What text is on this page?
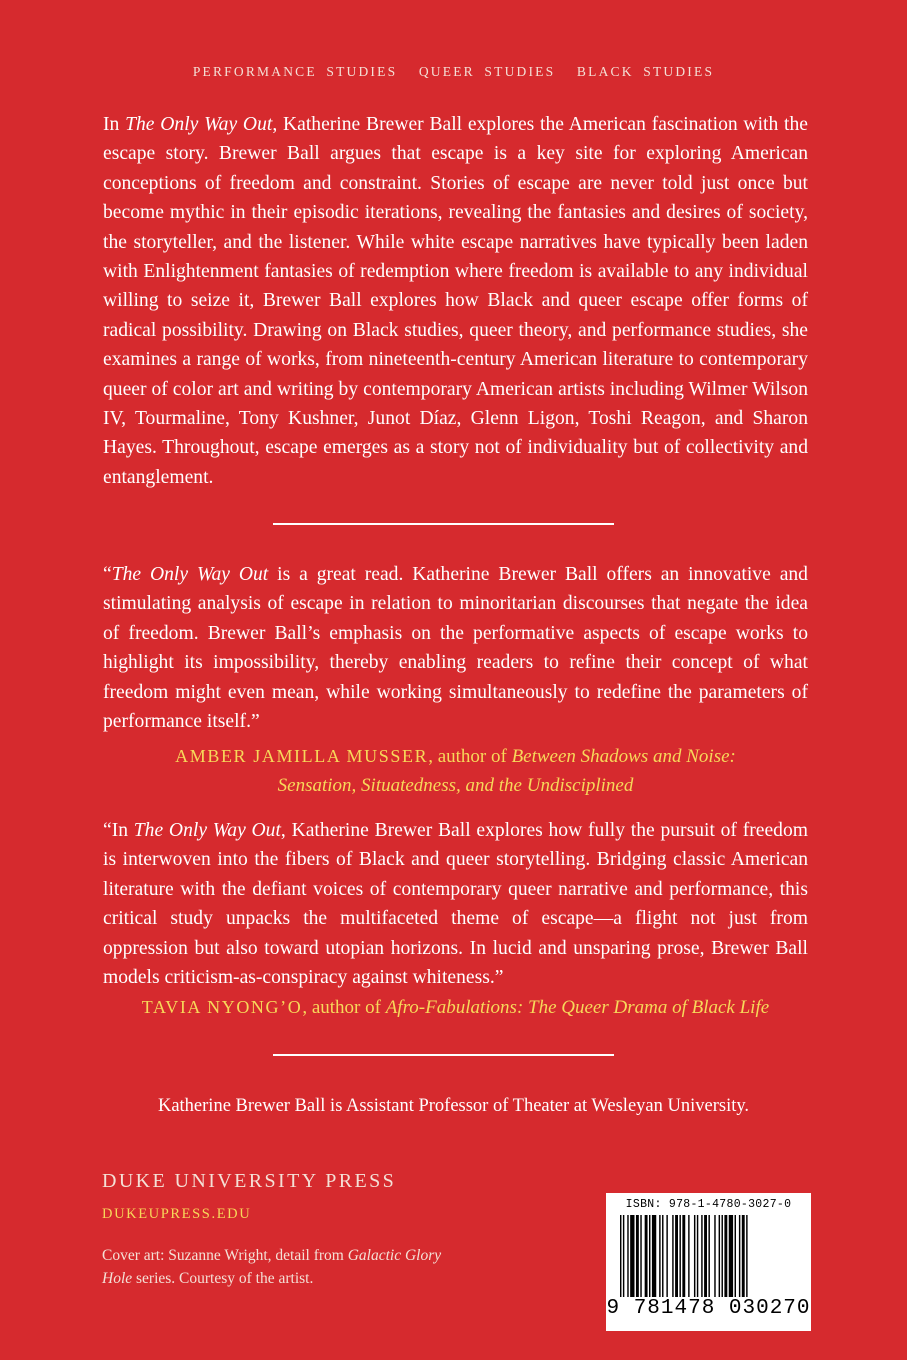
PERFORMANCE STUDIES QUEER STUDIES BLACK STUDIES

In The Only Way Out, Katherine Brewer Ball explores the American fascination with the escape story. Brewer Ball argues that escape is a key site for exploring American conceptions of freedom and constraint. Stories of escape are never told just once but become mythic in their episodic iterations, revealing the fantasies and desires of society, the storyteller, and the listener. While white escape narratives have typically been laden with Enlightenment fantasies of redemption where freedom is available to any individual willing to seize it, Brewer Ball explores how Black and queer escape offer forms of radical possibility. Drawing on Black studies, queer theory, and performance studies, she examines a range of works, from nineteenth-century American literature to contemporary queer of color art and writing by contemporary American artists including Wilmer Wilson IV, Tourmaline, Tony Kushner, Junot Díaz, Glenn Ligon, Toshi Reagon, and Sharon Hayes. Throughout, escape emerges as a story not of individuality but of collectivity and entanglement.

“The Only Way Out is a great read. Katherine Brewer Ball offers an innovative and stimulating analysis of escape in relation to minoritarian discourses that negate the idea of freedom. Brewer Ball’s emphasis on the performative aspects of escape works to highlight its impossibility, thereby enabling readers to refine their concept of what freedom might even mean, while working simultaneously to redefine the parameters of performance itself.”

AMBER JAMILLA MUSSER, author of Between Shadows and Noise:
Sensation, Situatedness, and the Undisciplined

“In The Only Way Out, Katherine Brewer Ball explores how fully the pursuit of freedom is interwoven into the fibers of Black and queer storytelling. Bridging classic American literature with the defiant voices of contemporary queer narrative and performance, this critical study unpacks the multifaceted theme of escape—a flight not just from oppression but also toward utopian horizons. In lucid and unsparing prose, Brewer Ball models criticism-as-conspiracy against whiteness.”

TAVIA NYONG’O, author of Afro-Fabulations: The Queer Drama of Black Life
Katherine Brewer Ball is Assistant Professor of Theater at Wesleyan University.
DUKE UNIVERSITY PRESS
DUKEUPRESS.EDU
Cover art: Suzanne Wright, detail from Galactic Glory Hole series. Courtesy of the artist.
ISBN: 978-1-4780-3027-0
9 781478 030270
